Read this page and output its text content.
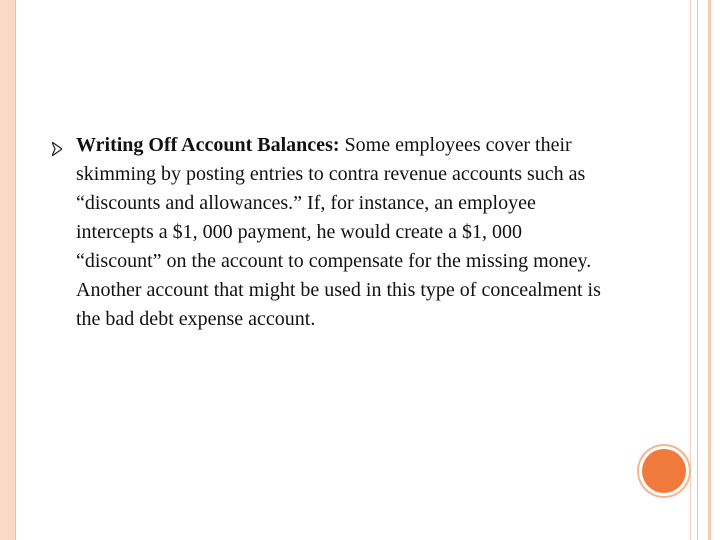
Writing Off Account Balances: Some employees cover their skimming by posting entries to contra revenue accounts such as “discounts and allowances.” If, for instance, an employee intercepts a $1, 000 payment, he would create a $1, 000 “discount” on the account to compensate for the missing money. Another account that might be used in this type of concealment is the bad debt expense account.
